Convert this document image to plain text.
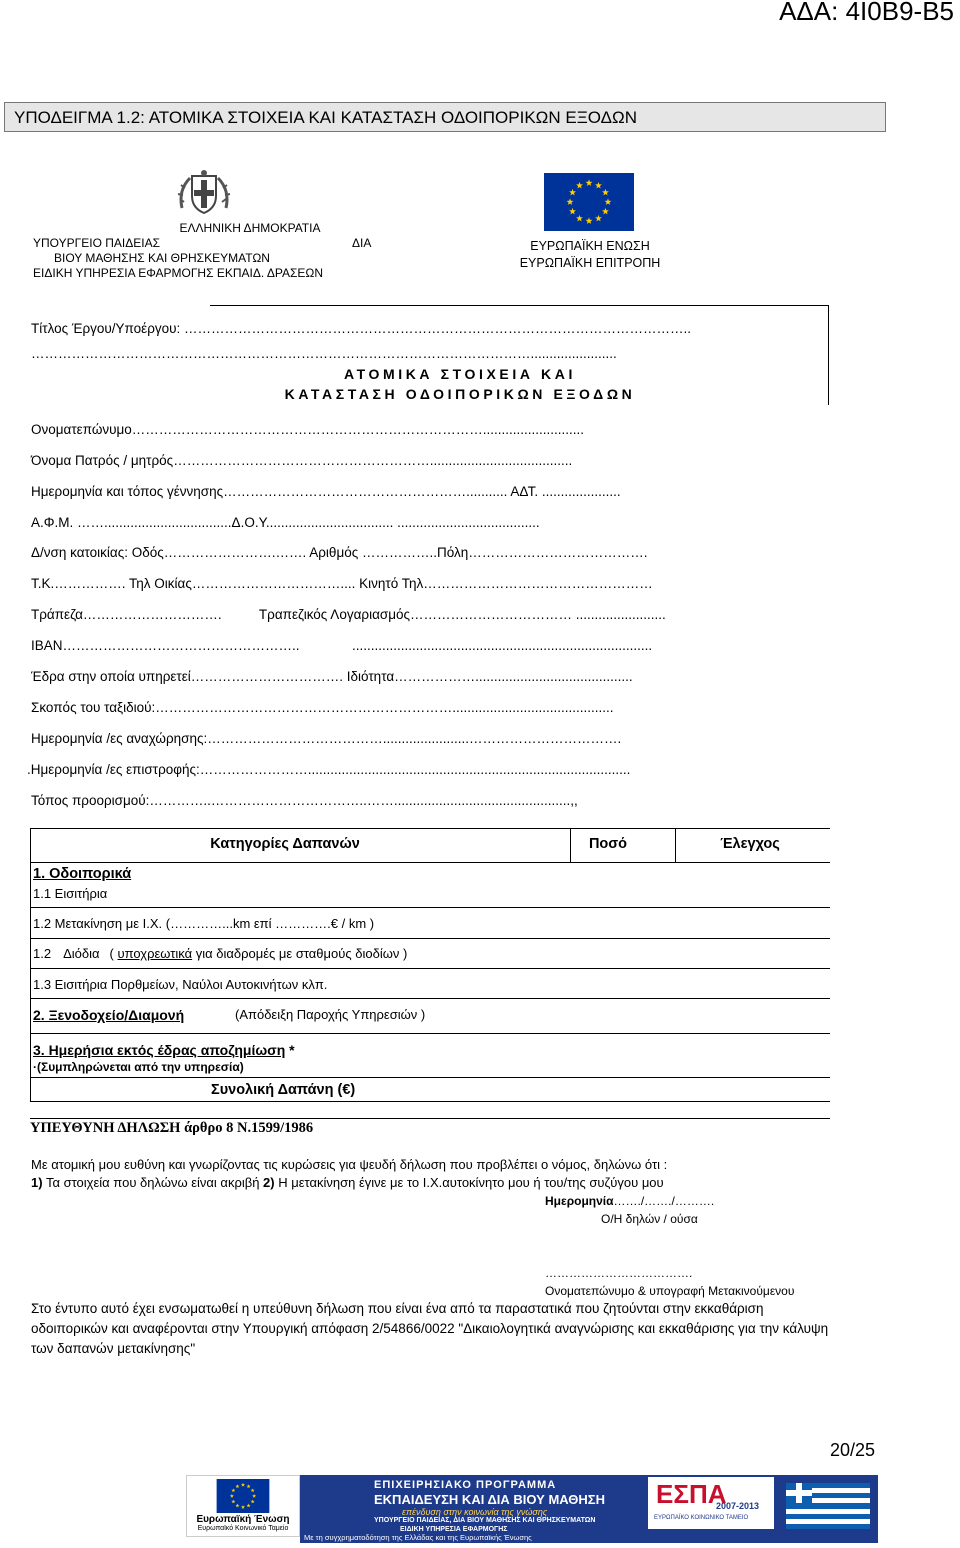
ΑΔΑ: 4Ι0Β9-Β5
ΥΠΟΔΕΙΓΜΑ 1.2: ΑΤΟΜΙΚΑ ΣΤΟΙΧΕΙΑ ΚΑΙ ΚΑΤΑΣΤΑΣΗ ΟΔΟΙΠΟΡΙΚΩΝ ΕΞΟΔΩΝ
ΕΛΛΗΝΙΚΗ ΔΗΜΟΚΡΑΤΙΑ
ΥΠΟΥΡΓΕΙΟ ΠΑΙΔΕΙΑΣ	ΔΙΑ
ΒΙΟΥ ΜΑΘΗΣΗΣ ΚΑΙ ΘΡΗΣΚΕΥΜΑΤΩΝ
ΕΙΔΙΚΗ ΥΠΗΡΕΣΙΑ ΕΦΑΡΜΟΓΗΣ ΕΚΠΑΙΔ. ΔΡΑΣΕΩΝ
ΕΥΡΩΠΑΪΚΗ ΕΝΩΣΗ
ΕΥΡΩΠΑΪΚΗ ΕΠΙΤΡΟΠΗ
Τίτλος Έργου/Υποέργου: …………………………………………………………………………………………………..
………………………………………………………………………………………………….......................
ΑΤΟΜΙΚΑ ΣΤΟΙΧΕΙΑ ΚΑΙ
ΚΑΤΑΣΤΑΣΗ ΟΔΟΙΠΟΡΙΚΩΝ ΕΞΟΔΩΝ
Ονοματεπώνυμο……………………………………………………………………...........................
Όνομα Πατρός / μητρός…………………………………………………......................................
Ημερομηνία και τόπος γέννησης………………………………………………........... ΑΔΤ. .....................
Α.Φ.Μ. ……..................................Δ.Ο.Υ.................................. ......................................
Δ/νση κατοικίας: Οδός…………………….……. Αριθμός ……………..Πόλη………………………………….
Τ.Κ.……………. Τηλ Οικίας…………………………….... Κινητό Τηλ……………………………………………
Τράπεζα………………………….          Τραπεζικός Λογαριασμός……………………………… ........................
IBAN……………………………………………..              ................................................................................
Έδρα στην οποία υπηρετεί……………………………. Ιδιότητα………………..........................................
Σκοπός του ταξιδιού:…………………………………………………………...........................................
Ημερομηνία /ες αναχώρησης:………………………………….......................…………………………….
.Ημερομηνία /ες επιστροφής:……………………......................................................................................
Τόπος προορισμού:…………..……………………………..……...............................................,,
Κατηγορίες Δαπανών	Ποσό	Έλεγχος
1. Οδοιπορικά
1.1 Εισιτήρια
1.2 Μετακίνηση με Ι.Χ. (…………...km επί ………….€ / km )
1.2 Διόδια ( υποχρεωτικά για διαδρομές με σταθμούς διοδίων )
1.3 Εισιτήρια Πορθμείων, Ναύλοι Αυτοκινήτων κλπ.
2. Ξενοδοχείο/Διαμονή	(Απόδειξη Παροχής Υπηρεσιών )
3. Ημερήσια εκτός έδρας αποζημίωση *
·(Συμπληρώνεται από την υπηρεσία)
Συνολική Δαπάνη (€)
ΥΠΕΥΘΥΝΗ ΔΗΛΩΣΗ άρθρο 8 Ν.1599/1986
Με ατομική μου ευθύνη και γνωρίζοντας τις κυρώσεις για ψευδή δήλωση που προβλέπει ο νόμος, δηλώνω ότι :
1) Τα στοιχεία που δηλώνω είναι ακριβή 2) Η μετακίνηση έγινε με το Ι.Χ.αυτοκίνητο μου ή του/της συζύγου μου
Ημερομηνία……./……./……….
Ο/Η δηλών / ούσα
……………………………….
Ονοματεπώνυμο & υπογραφή Μετακινούμενου
Στο έντυπο αυτό έχει ενσωματωθεί η υπεύθυνη δήλωση που είναι ένα από τα παραστατικά που ζητούνται στην εκκαθάριση οδοιπορικών και αναφέρονται στην Υπουργική απόφαση 2/54866/0022 "Δικαιολογητικά αναγνώρισης και εκκαθάρισης για την κάλυψη των δαπανών μετακίνησης"
20/25
Ευρωπαϊκή Ένωση
Ευρωπαϊκό Κοινωνικό Ταμείο
ΕΠΙΧΕΙΡΗΣΙΑΚΟ ΠΡΟΓΡΑΜΜΑ
ΕΚΠΑΙΔΕΥΣΗ ΚΑΙ ΔΙΑ ΒΙΟΥ ΜΑΘΗΣΗ
επένδυση στην κοινωνία της γνώσης
ΥΠΟΥΡΓΕΙΟ ΠΑΙΔΕΙΑΣ, ΔΙΑ ΒΙΟΥ ΜΑΘΗΣΗΣ ΚΑΙ ΘΡΗΣΚΕΥΜΑΤΩΝ
ΕΙΔΙΚΗ ΥΠΗΡΕΣΙΑ ΕΦΑΡΜΟΓΗΣ
Με τη συγχρηματοδότηση της Ελλάδας και της Ευρωπαϊκής Ένωσης
ΕΣΠΑ
2007-2013
ΕΥΡΩΠΑΪΚΟ ΚΟΙΝΩΝΙΚΟ ΤΑΜΕΙΟ
